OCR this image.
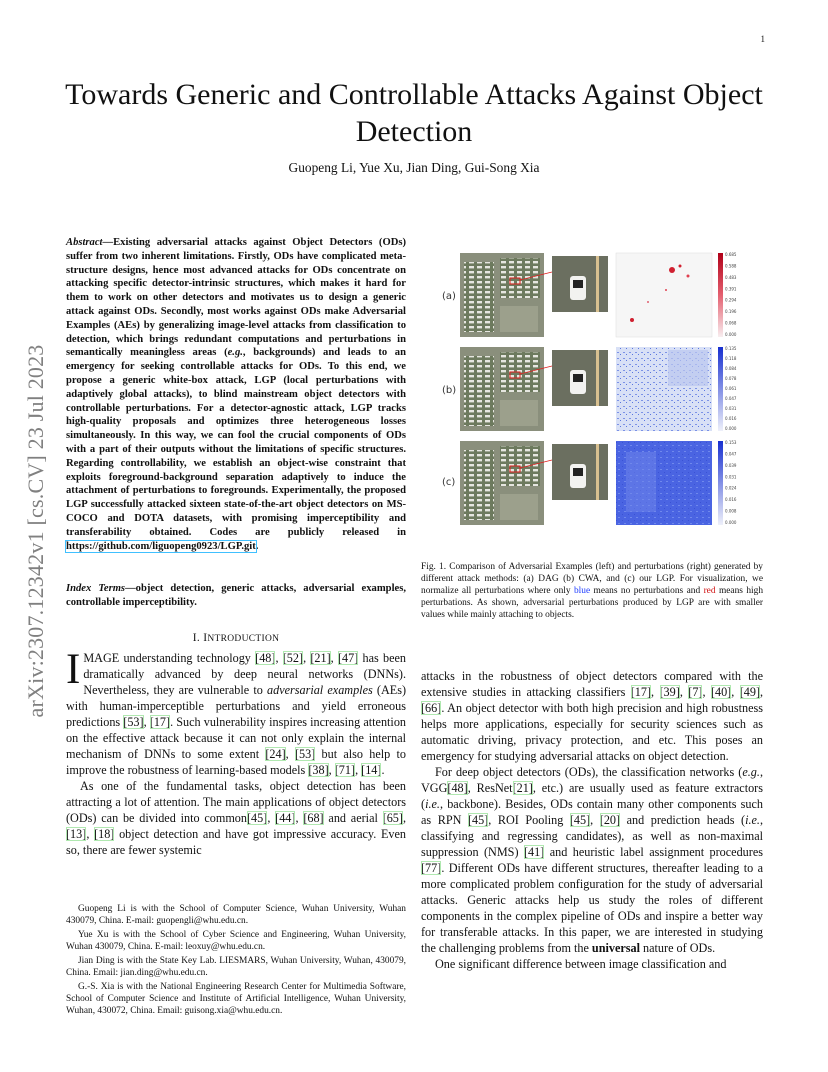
1
arXiv:2307.12342v1 [cs.CV] 23 Jul 2023
Towards Generic and Controllable Attacks Against Object Detection
Guopeng Li, Yue Xu, Jian Ding, Gui-Song Xia
Abstract—Existing adversarial attacks against Object Detectors (ODs) suffer from two inherent limitations. Firstly, ODs have complicated meta-structure designs, hence most advanced attacks for ODs concentrate on attacking specific detector-intrinsic structures, which makes it hard for them to work on other detectors and motivates us to design a generic attack against ODs. Secondly, most works against ODs make Adversarial Examples (AEs) by generalizing image-level attacks from classification to detection, which brings redundant computations and perturbations in semantically meaningless areas (e.g., backgrounds) and leads to an emergency for seeking controllable attacks for ODs. To this end, we propose a generic white-box attack, LGP (local perturbations with adaptively global attacks), to blind mainstream object detectors with controllable perturbations. For a detector-agnostic attack, LGP tracks high-quality proposals and optimizes three heterogeneous losses simultaneously. In this way, we can fool the crucial components of ODs with a part of their outputs without the limitations of specific structures. Regarding controllability, we establish an object-wise constraint that exploits foreground-background separation adaptively to induce the attachment of perturbations to foregrounds. Experimentally, the proposed LGP successfully attacked sixteen state-of-the-art object detectors on MS-COCO and DOTA datasets, with promising imperceptibility and transferability obtained. Codes are publicly released in https://github.com/liguopeng0923/LGP.git.
Index Terms—object detection, generic attacks, adversarial examples, controllable imperceptibility.
I. INTRODUCTION

IMAGE understanding technology [48], [52], [21], [47] has been dramatically advanced by deep neural networks (DNNs). Nevertheless, they are vulnerable to adversarial examples (AEs) with human-imperceptible perturbations and yield erroneous predictions [53], [17]. Such vulnerability inspires increasing attention on the effective attack because it can not only explain the internal mechanism of DNNs to some extent [24], [53] but also help to improve the robustness of learning-based models [38], [71], [14].

As one of the fundamental tasks, object detection has been attracting a lot of attention. The main applications of object detectors (ODs) can be divided into common[45], [44], [68] and aerial [65], [13], [18] object detection and have got impressive accuracy. Even so, there are fewer systemic

Guopeng Li is with the School of Computer Science, Wuhan University, Wuhan 430079, China. E-mail: guopengli@whu.edu.cn.

Yue Xu is with the School of Cyber Science and Engineering, Wuhan University, Wuhan 430079, China. E-mail: leoxuy@whu.edu.cn.

Jian Ding is with the State Key Lab. LIESMARS, Wuhan University, Wuhan, 430079, China. Email: jian.ding@whu.edu.cn.

G.-S. Xia is with the National Engineering Research Center for Multimedia Software, School of Computer Science and Institute of Artificial Intelligence, Wuhan University, Wuhan, 430072, China. Email: guisong.xia@whu.edu.cn.

(a)
(b)
(c)
0.685
0.588
0.483
0.391
0.294
0.196
0.068
0.000
0.135
0.118
0.084
0.078
0.061
0.047
0.031
0.016
0.000
0.153
0.047
0.039
0.031
0.024
0.016
0.008
0.000
Fig. 1. Comparison of Adversarial Examples (left) and perturbations (right) generated by different attack methods: (a) DAG (b) CWA, and (c) our LGP. For visualization, we normalize all perturbations where only blue means no perturbations and red means high perturbations. As shown, adversarial perturbations produced by LGP are with smaller values while mainly attaching to objects.

attacks in the robustness of object detectors compared with the extensive studies in attacking classifiers [17], [39], [7], [40], [49], [66]. An object detector with both high precision and high robustness helps more applications, especially for security sciences such as automatic driving, privacy protection, and etc. This poses an emergency for studying adversarial attacks on object detection.

For deep object detectors (ODs), the classification networks (e.g., VGG[48], ResNet[21], etc.) are usually used as feature extractors (i.e., backbone). Besides, ODs contain many other components such as RPN [45], ROI Pooling [45], [20] and prediction heads (i.e., classifying and regressing candidates), as well as non-maximal suppression (NMS) [41] and heuristic label assignment procedures [77]. Different ODs have different structures, thereafter leading to a more complicated problem configuration for the study of adversarial attacks. Generic attacks help us study the roles of different components in the complex pipeline of ODs and inspire a better way for transferable attacks. In this paper, we are interested in studying the challenging problems from the universal nature of ODs.

One significant difference between image classification and
